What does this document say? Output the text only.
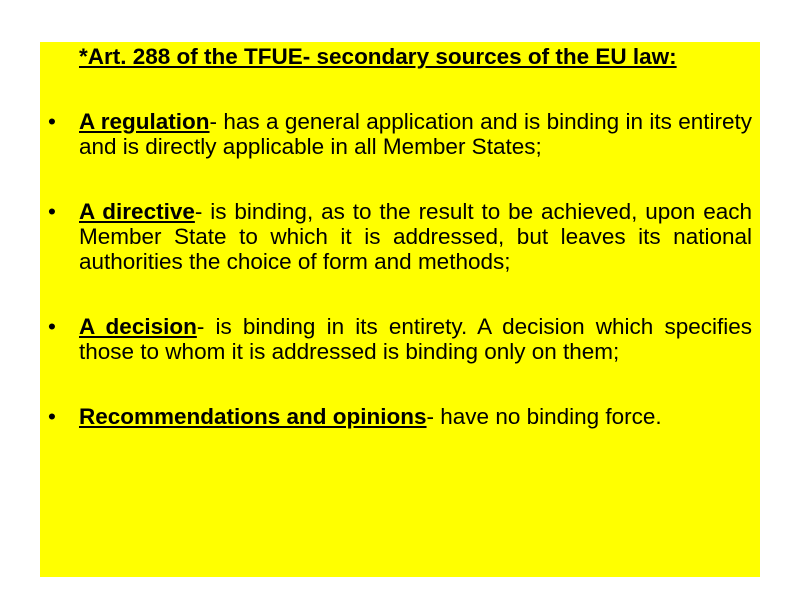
*Art. 288 of the TFUE- secondary sources of the EU law:
• A regulation- has a general application and is binding in its entirety and is directly applicable in all Member States;
• A directive- is binding, as to the result to be achieved, upon each Member State to which it is addressed, but leaves its national authorities the choice of form and methods;
• A decision- is binding in its entirety. A decision which specifies those to whom it is addressed is binding only on them;
• Recommendations and opinions- have no binding force.
